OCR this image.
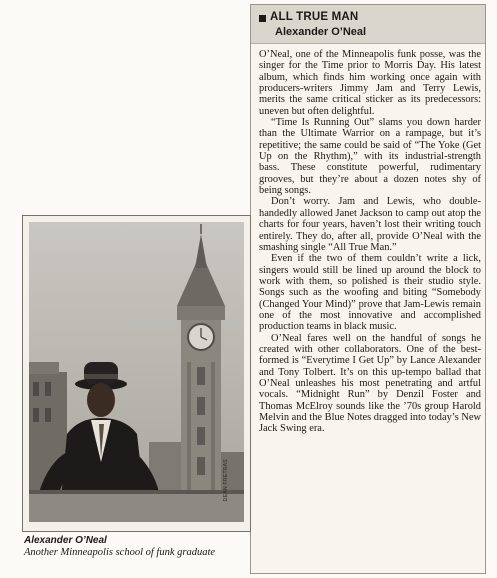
ALL TRUE MAN
Alexander O’Neal

O’Neal, one of the Minneapolis funk posse, was the singer for the Time prior to Morris Day. His latest album, which finds him working once again with producers-writers Jimmy Jam and Terry Lewis, merits the same critical sticker as its predecessors: uneven but often delightful.

“Time Is Running Out” slams you down harder than the Ultimate Warrior on a rampage, but it’s repetitive; the same could be said of “The Yoke (Get Up on the Rhythm),” with its industrial-strength bass. These constitute powerful, rudimentary grooves, but they’re about a dozen notes shy of being songs.

Don’t worry. Jam and Lewis, who double-handedly allowed Janet Jackson to camp out atop the charts for four years, haven’t lost their writing touch entirely. They do, after all, provide O’Neal with the smashing single “All True Man.”

Even if the two of them couldn’t write a lick, singers would still be lined up around the block to work with them, so polished is their studio style. Songs such as the woofing and biting “Somebody (Changed Your Mind)” prove that Jam-Lewis remain one of the most innovative and accomplished production teams in black music.

O’Neal fares well on the handful of songs he created with other collaborators. One of the best-formed is “Everytime I Get Up” by Lance Alexander and Tony Tolbert. It’s on this up-tempo ballad that O’Neal unleashes his most penetrating and artful vocals. “Midnight Run” by Denzil Foster and Thomas McElroy sounds like the ’70s group Harold Melvin and the Blue Notes dragged into today’s New Jack Swing era.

DEAN FRETRAS
Alexander O’Neal
Another Minneapolis school of funk graduate
